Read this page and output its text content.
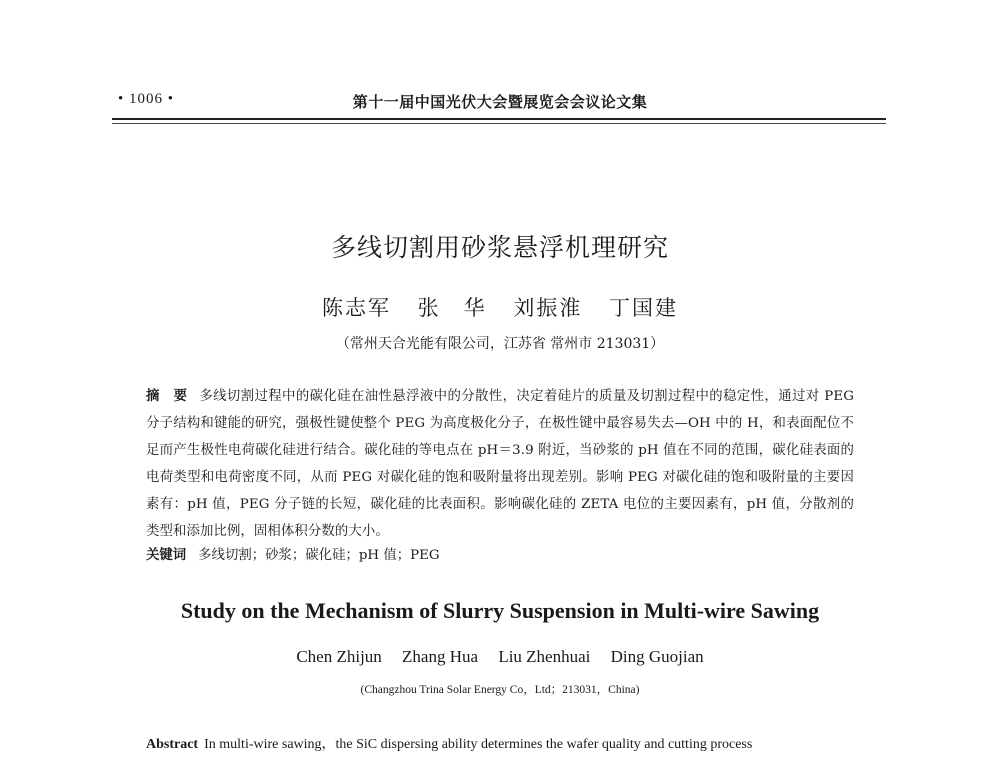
• 1006 •	第十一届中国光伏大会暨展览会会议论文集
多线切割用砂浆悬浮机理研究
陈志军 张　华 刘振淮 丁国建
（常州天合光能有限公司，江苏省 常州市 213031）
摘　要 多线切割过程中的碳化硅在油性悬浮液中的分散性，决定着硅片的质量及切割过程中的稳定性，通过对 PEG 分子结构和键能的研究，强极性键使整个 PEG 为高度极化分子，在极性键中最容易失去—OH 中的 H，和表面配位不足而产生极性电荷碳化硅进行结合。碳化硅的等电点在 pH＝3.9 附近，当砂浆的 pH 值在不同的范围，碳化硅表面的电荷类型和电荷密度不同，从而 PEG 对碳化硅的饱和吸附量将出现差别。影响 PEG 对碳化硅的饱和吸附量的主要因素有：pH 值，PEG 分子链的长短，碳化硅的比表面积。影响碳化硅的 ZETA 电位的主要因素有，pH 值，分散剂的类型和添加比例，固相体积分数的大小。
关键词 多线切割；砂浆；碳化硅；pH 值；PEG
Study on the Mechanism of Slurry Suspension in Multi-wire Sawing
Chen Zhijun Zhang Hua Liu Zhenhuai Ding Guojian
(Changzhou Trina Solar Energy Co，Ltd；213031，China)
Abstract In multi-wire sawing，the SiC dispersing ability determines the wafer quality and cutting process
